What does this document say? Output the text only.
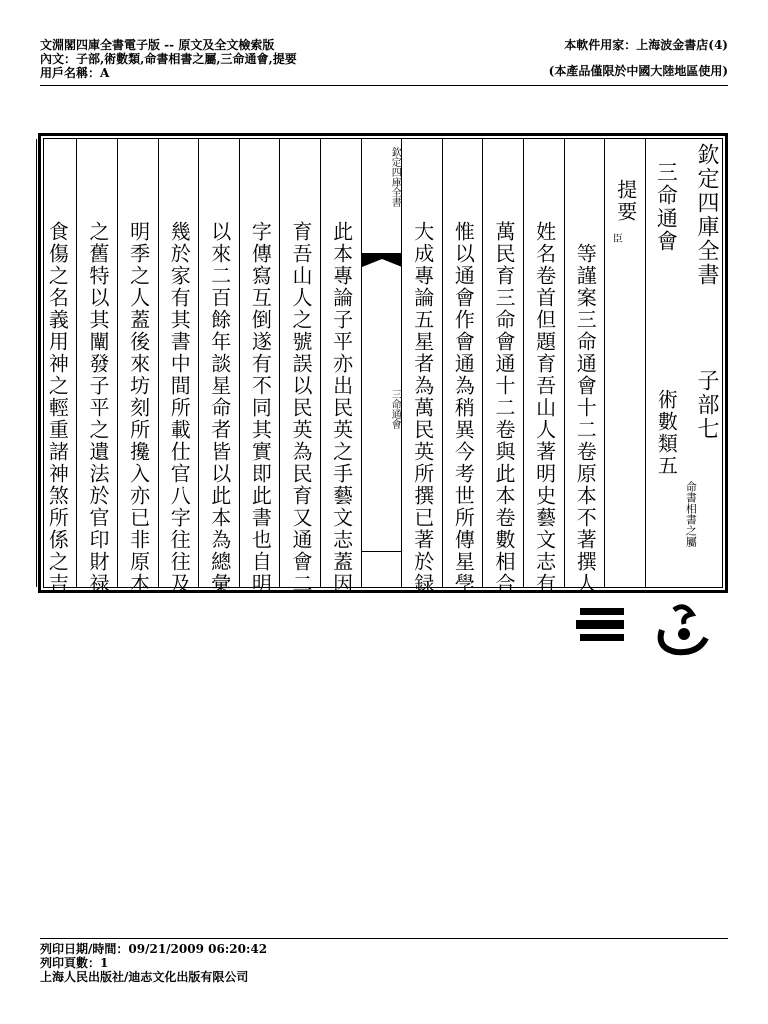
文淵閣四庫全書電子版 -- 原文及全文檢索版
內文：子部,術數類,命書相書之屬,三命通會,提要
用戶名稱：A
本軟件用家：上海波金書店(4)
(本產品僅限於中國大陸地區使用)
欽定四庫全書
子部七
三命通會
術數類五
命書相書之屬
提要
臣
等謹案三命通會十二卷原本不著撰人
姓名卷首但題育吾山人著明史藝文志有
萬民育三命會通十二卷與此本卷數相合
惟以通會作會通為稍異今考世所傳星學
大成專論五星者為萬民英所撰已著於録
欽定四庫全書
三命通會
此本專論子平亦出民英之手藝文志蓋因
育吾山人之號誤以民英為民育又通會二
字傳寫互倒遂有不同其實即此書也自明
以來二百餘年談星命者皆以此本為總彙
幾於家有其書中間所載仕官八字往往及
明季之人蓋後來坊刻所攙入亦已非原本
之舊特以其闡發子平之遺法於官印財禄
食傷之名義用神之輕重諸神煞所係之吉
列印日期/時間：09/21/2009 06:20:42
列印頁數：1
上海人民出版社/迪志文化出版有限公司
